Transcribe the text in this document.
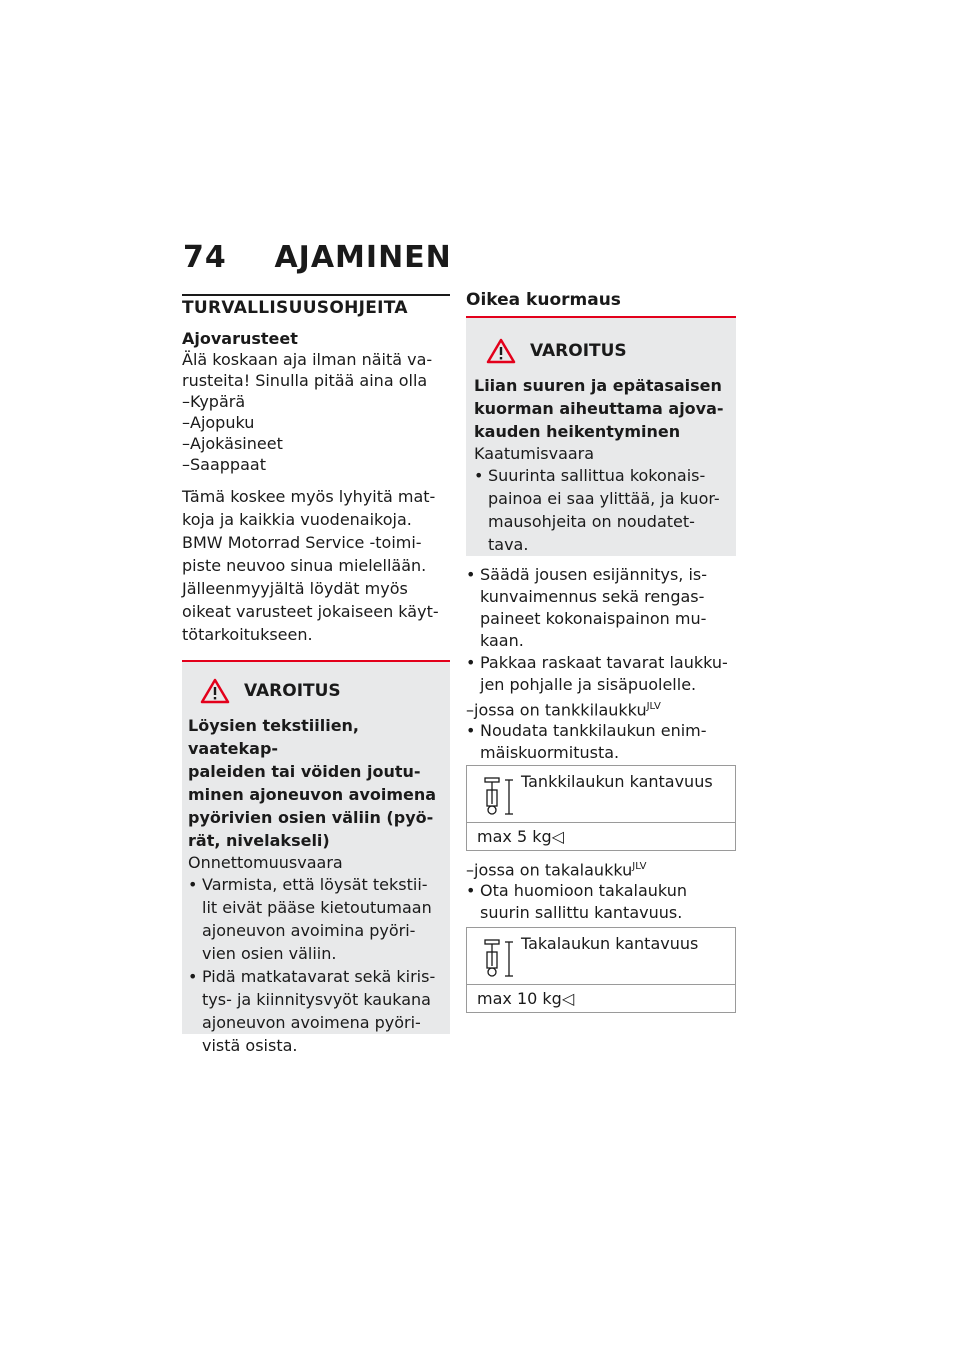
74 AJAMINEN
TURVALLISUUSOHJEITA

Ajovarusteet

Älä koskaan aja ilman näitä va-

rusteita! Sinulla pitää aina olla

–Kypärä
–Ajopuku
–Ajokäsineet
–Saappaat

Tämä koskee myös lyhyitä mat-

koja ja kaikkia vuodenaikoja.

BMW Motorrad Service -toimi-

piste neuvoo sinua mielellään.

Jälleenmyyjältä löydät myös

oikeat varusteet jokaiseen käyt-

tötarkoitukseen.

VAROITUS
Löysien tekstiilien, vaatekap-
paleiden tai vöiden joutu-
minen ajoneuvon avoimena
pyörivien osien väliin (pyö-
rät, nivelakseli)
Onnettomuusvaara
• Varmista, että löysät tekstii-
lit eivät pääse kietoutumaan
ajoneuvon avoimina pyöri-
vien osien väliin.
• Pidä matkatavarat sekä kiris-
tys- ja kiinnitysvyöt kaukana
ajoneuvon avoimena pyöri-
vistä osista.
Oikea kuormaus
VAROITUS
Liian suuren ja epätasaisen
kuorman aiheuttama ajova-
kauden heikentyminen
Kaatumisvaara
• Suurinta sallittua kokonais-
painoa ei saa ylittää, ja kuor-
mausohjeita on noudatet-
tava.
• Säädä jousen esijännitys, is-
kunvaimennus sekä rengas-
paineet kokonaispainon mu-
kaan.
• Pakkaa raskaat tavarat laukku-
jen pohjalle ja sisäpuolelle.
–jossa on tankkilaukku$^{JLV}$
• Noudata tankkilaukun enim-
mäiskuormitusta.
Tankkilaukun kantavuus
max 5 kg◁
–jossa on takalaukku$^{JLV}$
• Ota huomioon takalaukun
suurin sallittu kantavuus.
Takalaukun kantavuus
max 10 kg◁
